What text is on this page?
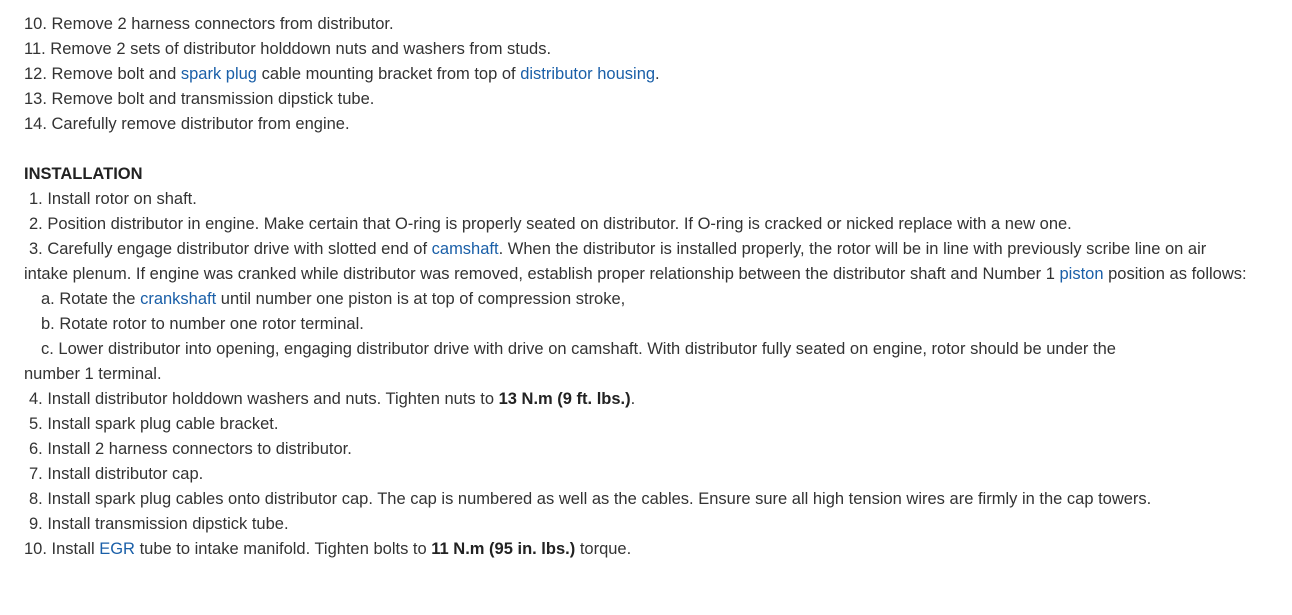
10. Remove 2 harness connectors from distributor.
11. Remove 2 sets of distributor holddown nuts and washers from studs.
12. Remove bolt and spark plug cable mounting bracket from top of distributor housing.
13. Remove bolt and transmission dipstick tube.
14. Carefully remove distributor from engine.
INSTALLATION
1. Install rotor on shaft.
2. Position distributor in engine. Make certain that O-ring is properly seated on distributor. If O-ring is cracked or nicked replace with a new one.
3. Carefully engage distributor drive with slotted end of camshaft. When the distributor is installed properly, the rotor will be in line with previously scribe line on air intake plenum. If engine was cranked while distributor was removed, establish proper relationship between the distributor shaft and Number 1 piston position as follows:
a. Rotate the crankshaft until number one piston is at top of compression stroke,
b. Rotate rotor to number one rotor terminal.
c. Lower distributor into opening, engaging distributor drive with drive on camshaft. With distributor fully seated on engine, rotor should be under the
number 1 terminal.
4. Install distributor holddown washers and nuts. Tighten nuts to 13 N.m (9 ft. lbs.).
5. Install spark plug cable bracket.
6. Install 2 harness connectors to distributor.
7. Install distributor cap.
8. Install spark plug cables onto distributor cap. The cap is numbered as well as the cables. Ensure sure all high tension wires are firmly in the cap towers.
9. Install transmission dipstick tube.
10. Install EGR tube to intake manifold. Tighten bolts to 11 N.m (95 in. lbs.) torque.
